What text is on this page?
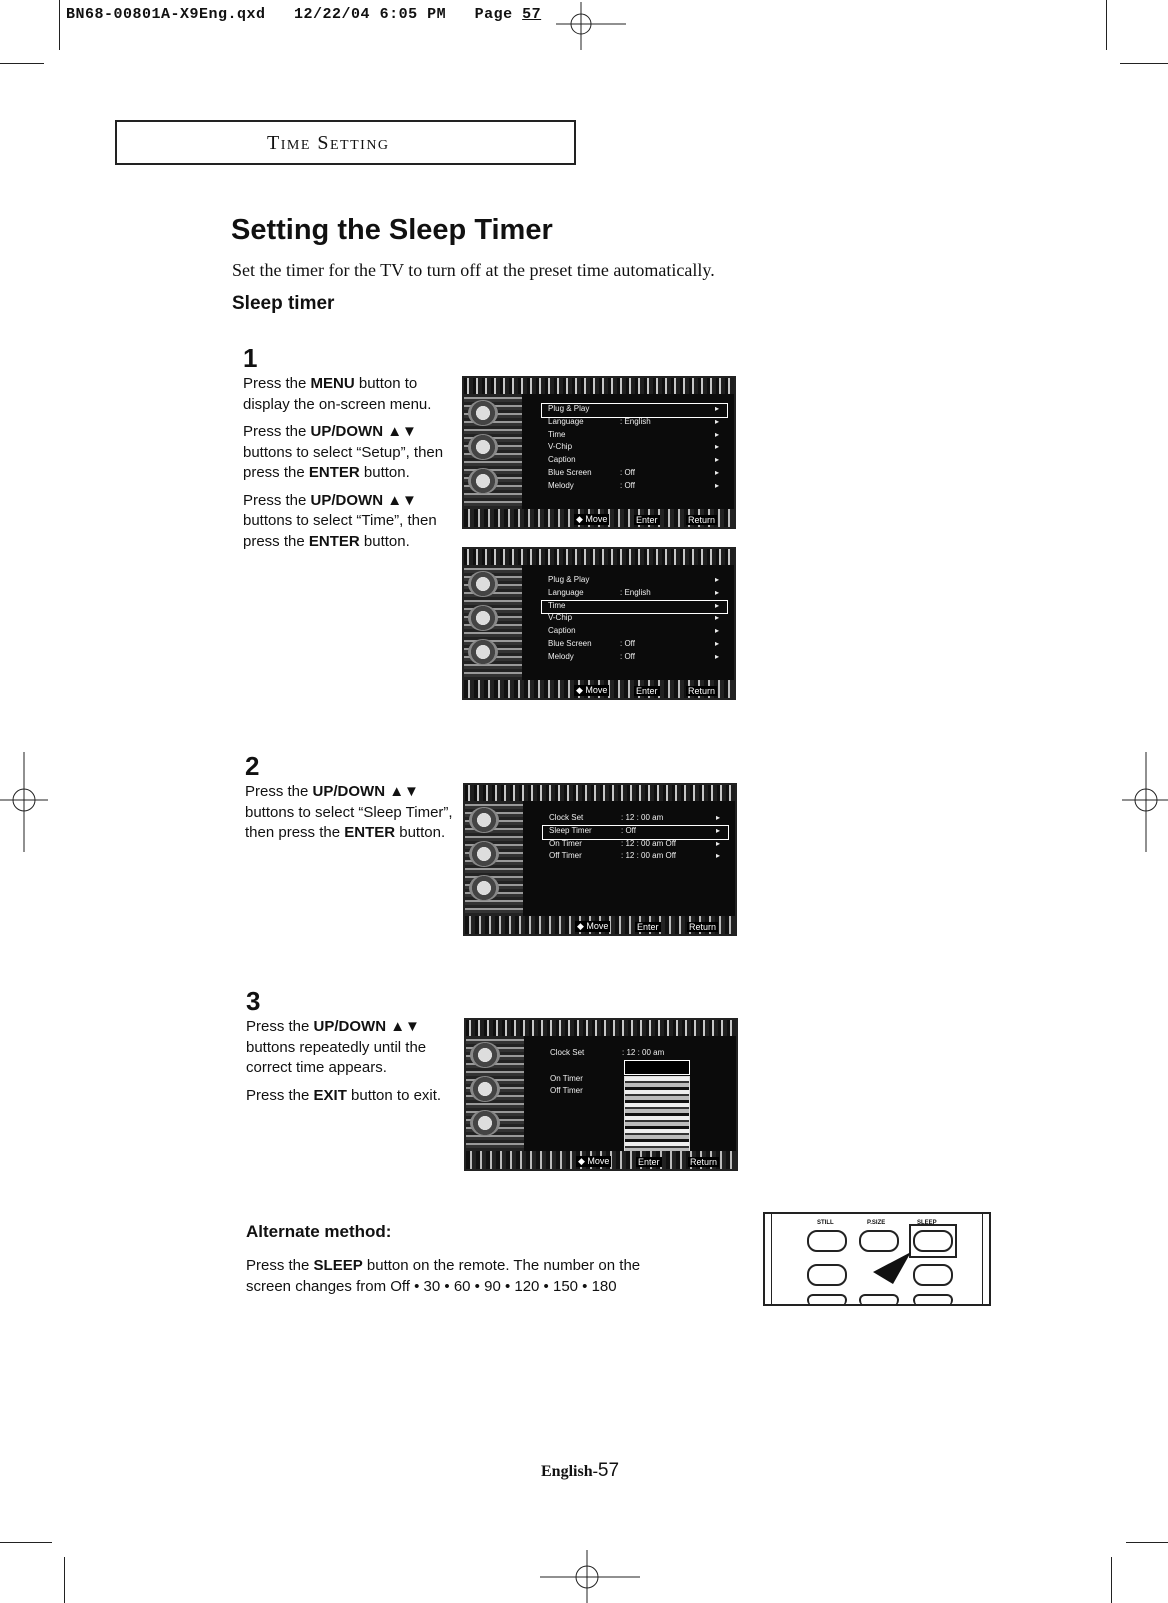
BN68-00801A-X9Eng.qxd 12/22/04 6:05 PM Page 57
Time Setting
Setting the Sleep Timer
Set the timer for the TV to turn off at the preset time automatically.
Sleep timer
1

Press the MENU button to display the on-screen menu.

Press the UP/DOWN ▲▼ buttons to select “Setup”, then press the ENTER button.

Press the UP/DOWN ▲▼ buttons to select “Time”, then press the ENTER button.

2

Press the UP/DOWN ▲▼ buttons to select “Sleep Timer”, then press the ENTER button.

3

Press the UP/DOWN ▲▼ buttons repeatedly until the correct time appears.

Press the EXIT button to exit.

Plug & Play	▸
Language	: English	▸
Time	▸
V-Chip	▸
Caption	▸
Blue Screen	: Off	▸
Melody	: Off	▸
◆ Move	Enter	Return
Plug & Play	▸
Language	: English	▸
Time	▸
V-Chip	▸
Caption	▸
Blue Screen	: Off	▸
Melody	: Off	▸
◆ Move	Enter	Return
Clock Set	: 12 : 00 am	▸
Sleep Timer	: Off	▸
On Timer	: 12 : 00 am Off	▸
Off Timer	: 12 : 00 am Off	▸
◆ Move	Enter	Return
Clock Set	: 12 : 00 am
On Timer
Off Timer
◆ Move	Enter	Return
Alternate method:
Press the SLEEP button on the remote. The number on the screen changes from Off • 30 • 60 • 90 • 120 • 150 • 180
STILL	P.SIZE	SLEEP
English-57
